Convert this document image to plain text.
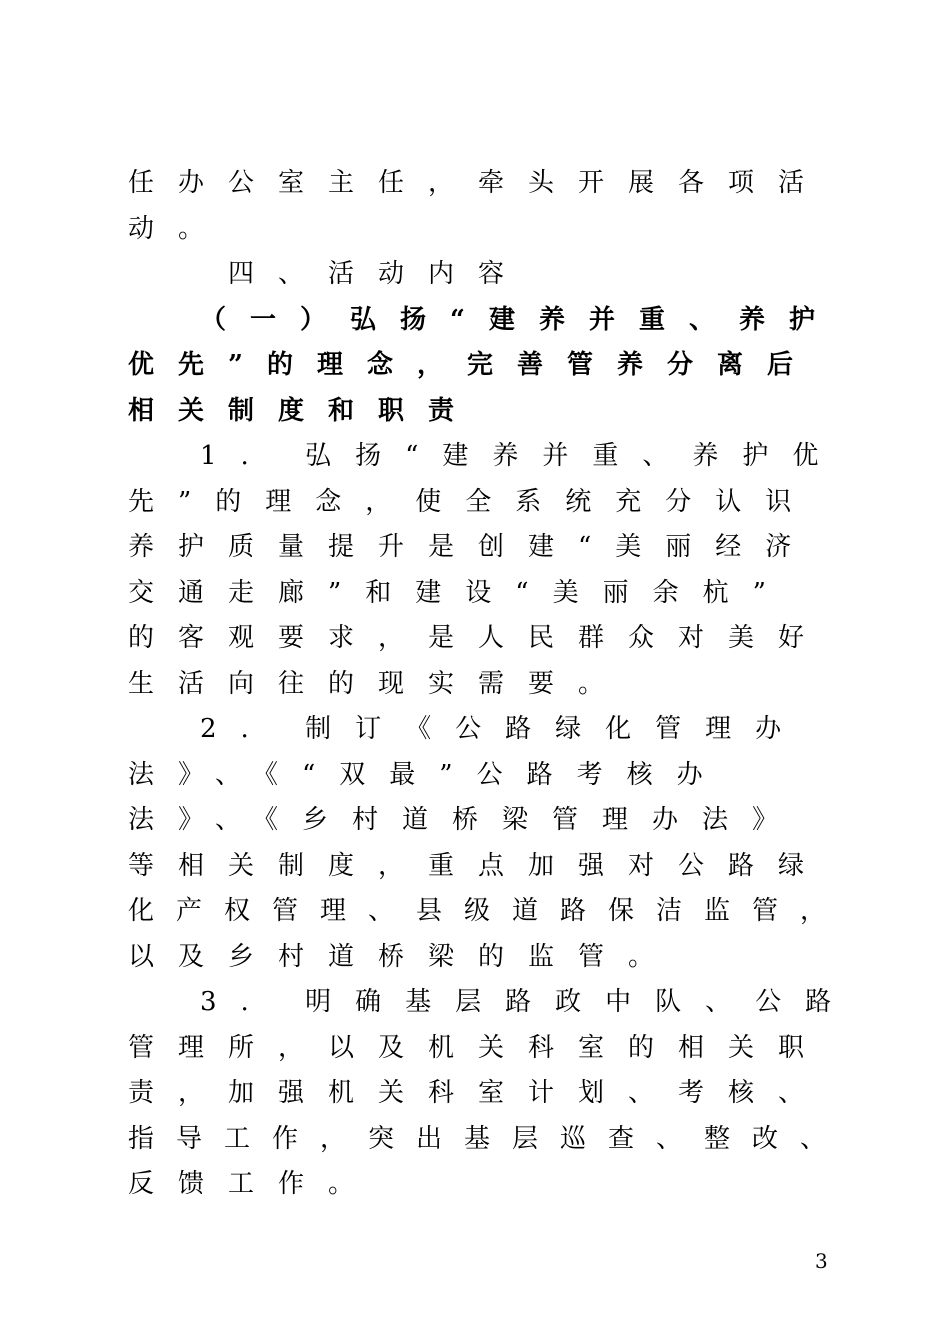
任办公室主任，牵头开展各项活
动。
四、活动内容
（一）弘扬“建养并重、养护
优先”的理念，完善管养分离后
相关制度和职责
1. 弘扬“建养并重、养护优
先”的理念，使全系统充分认识
养护质量提升是创建“美丽经济
交通走廊”和建设“美丽余杭”
的客观要求，是人民群众对美好
生活向往的现实需要。
2. 制订《公路绿化管理办
法》、《“双最”公路考核办
法》、《乡村道桥梁管理办法》
等相关制度，重点加强对公路绿
化产权管理、县级道路保洁监管，
以及乡村道桥梁的监管。
3. 明确基层路政中队、公路
管理所，以及机关科室的相关职
责，加强机关科室计划、考核、
指导工作，突出基层巡查、整改、
反馈工作。
3
